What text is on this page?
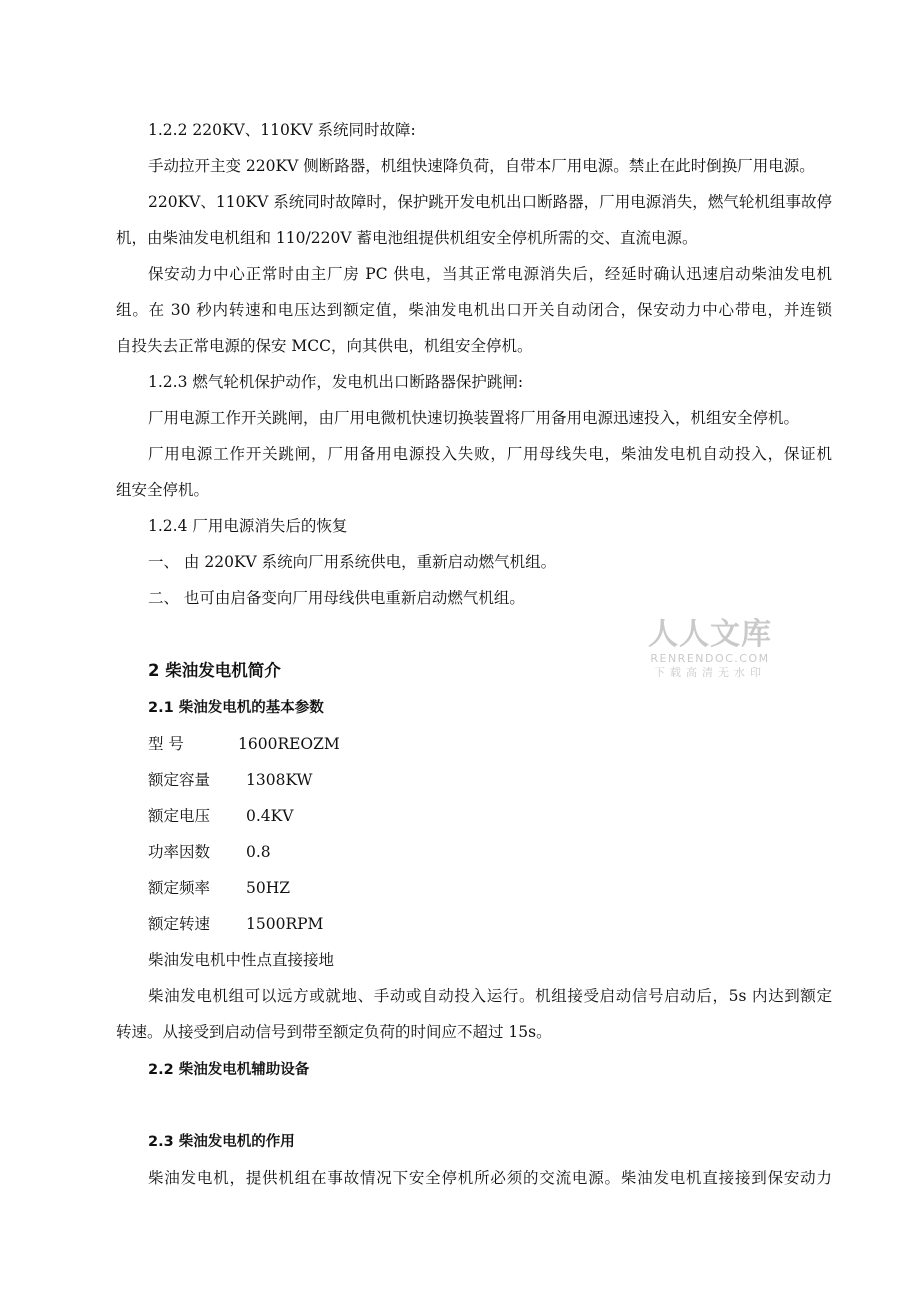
1.2.2 220KV、110KV 系统同时故障:
手动拉开主变 220KV 侧断路器，机组快速降负荷，自带本厂用电源。禁止在此时倒换厂用电源。
220KV、110KV 系统同时故障时，保护跳开发电机出口断路器，厂用电源消失，燃气轮机组事故停
机，由柴油发电机组和 110/220V 蓄电池组提供机组安全停机所需的交、直流电源。
保安动力中心正常时由主厂房 PC 供电，当其正常电源消失后，经延时确认迅速启动柴油发电机
组。在 30 秒内转速和电压达到额定值，柴油发电机出口开关自动闭合，保安动力中心带电，并连锁
自投失去正常电源的保安 MCC，向其供电，机组安全停机。
1.2.3 燃气轮机保护动作，发电机出口断路器保护跳闸:
厂用电源工作开关跳闸，由厂用电微机快速切换装置将厂用备用电源迅速投入，机组安全停机。
厂用电源工作开关跳闸，厂用备用电源投入失败，厂用母线失电，柴油发电机自动投入，保证机
组安全停机。
1.2.4 厂用电源消失后的恢复
一、 由 220KV 系统向厂用系统供电，重新启动燃气机组。
二、 也可由启备变向厂用母线供电重新启动燃气机组。
人人文库
RENRENDOC.COM
下载高清无水印
2 柴油发电机简介
2.1 柴油发电机的基本参数
型 号	1600REOZM
额定容量 1308KW
额定电压 0.4KV
功率因数 0.8
额定频率 50HZ
额定转速 1500RPM
柴油发电机中性点直接接地
柴油发电机组可以远方或就地、手动或自动投入运行。机组接受启动信号启动后，5s 内达到额定
转速。从接受到启动信号到带至额定负荷的时间应不超过 15s。
2.2 柴油发电机辅助设备
2.3 柴油发电机的作用
柴油发电机，提供机组在事故情况下安全停机所必须的交流电源。柴油发电机直接接到保安动力
